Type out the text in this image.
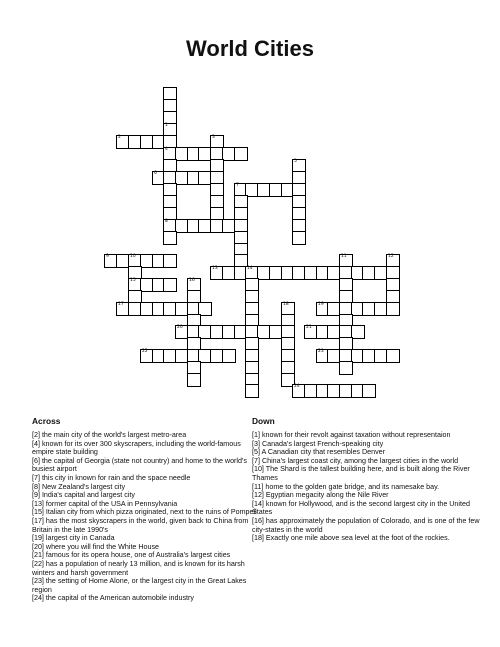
World Cities
1
2	3
4
5
6
7
8
9	10	11	12
13	14
15	16
17	18	19
20	21
22	23
24
Across

[2] the main city of the world's largest metro-area

[4] known for its over 300 skyscrapers, including the world-famous empire state building

[6] the capital of Georgia (state not country) and home to the world's busiest airport

[7] this city in known for rain and the space needle

[8] New Zealand's largest city

[9] India's capital and largest city

[13] former capital of the USA in Pennsylvania

[15] Italian city from which pizza originated, next to the ruins of Pompeii

[17] has the most skyscrapers in the world, given back to China from Britain in the late 1990's

[19] largest city in Canada

[20] where you will find the White House

[21] famous for its opera house, one of Australia's largest cities

[22] has a population of nearly 13 million, and is known for its harsh winters and harsh government

[23] the setting of Home Alone, or the largest city in the Great Lakes region

[24] the capital of the American automobile industry

Down

[1] known for their revolt against taxation without representaion

[3] Canada's largest French-speaking city

[5] A Canadian city that resembles Denver

[7] China's largest coast city, among the largest cities in the world

[10] The Shard is the tallest building here, and is built along the River Thames

[11] home to the golden gate bridge, and its namesake bay.

[12] Egyptian megacity along the Nile River

[14] known for Hollywood, and is the second largest city in the United States

[16] has approximately the population of Colorado, and is one of the few city-states in the world

[18] Exactly one mile above sea level at the foot of the rockies.
